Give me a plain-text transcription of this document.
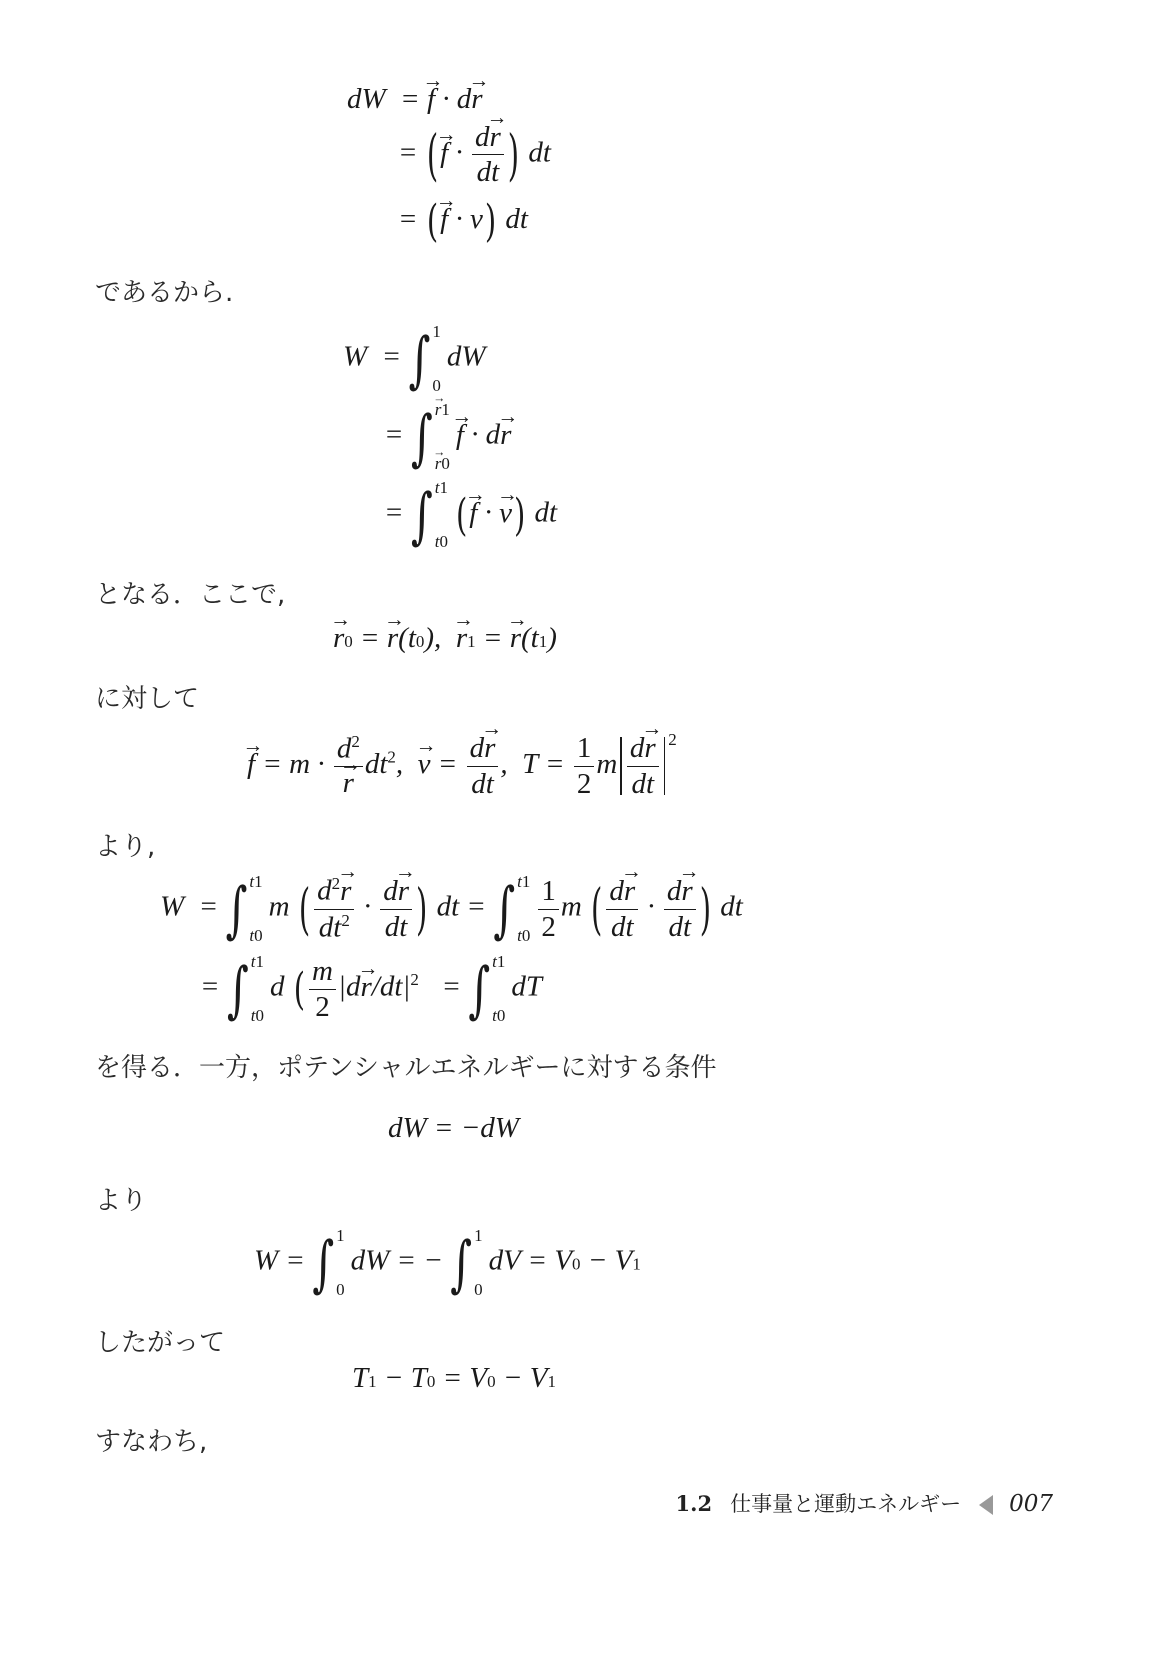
dW  = → f · d→ r
= (→ $f \cdot \frac{d\to r}{dt}$ ) dt
= (→ f · v) dt
であるから.
W  = ∫ 1
0
dW
= ∫
→ r1
→ r0
→ f · d→ r
= ∫ t1
t0
(→ f · → v) dt
となる．ここで,
→ r0 = → r(t0),  → r1 = → r(t1)
に対して
→ $f = m \cdot d^2$
→ r $dt^2$,  → $v = \frac{d\to r}{dt}$ ,  $T = \frac{1}{2}$ m $\frac{d\to r}{dt} ^2$
より,
W  = ∫ t1
t0
m ( $\frac{d^2\to r}{dt^2} \cdot \frac{d\to r}{dt}$ ) dt = ∫ t1
$t0 \frac{1}{2}$ m ( $\frac{d\to r}{dt} \cdot \frac{d\to r}{dt}$ ) dt
= ∫ t1
t0
d ( $\frac{m}{2} |d\to r/dt|^2$ = ∫ t1
t0
dT
を得る．一方，ポテンシャルエネルギーに対する条件
dW = −dW
より
W = ∫ 1
0
dW = − ∫ 1
0
dV = V0 − V1
したがって
T1 − T0 = V0 − V1
すなわち,
1.2 仕事量と運動エネルギー 007
